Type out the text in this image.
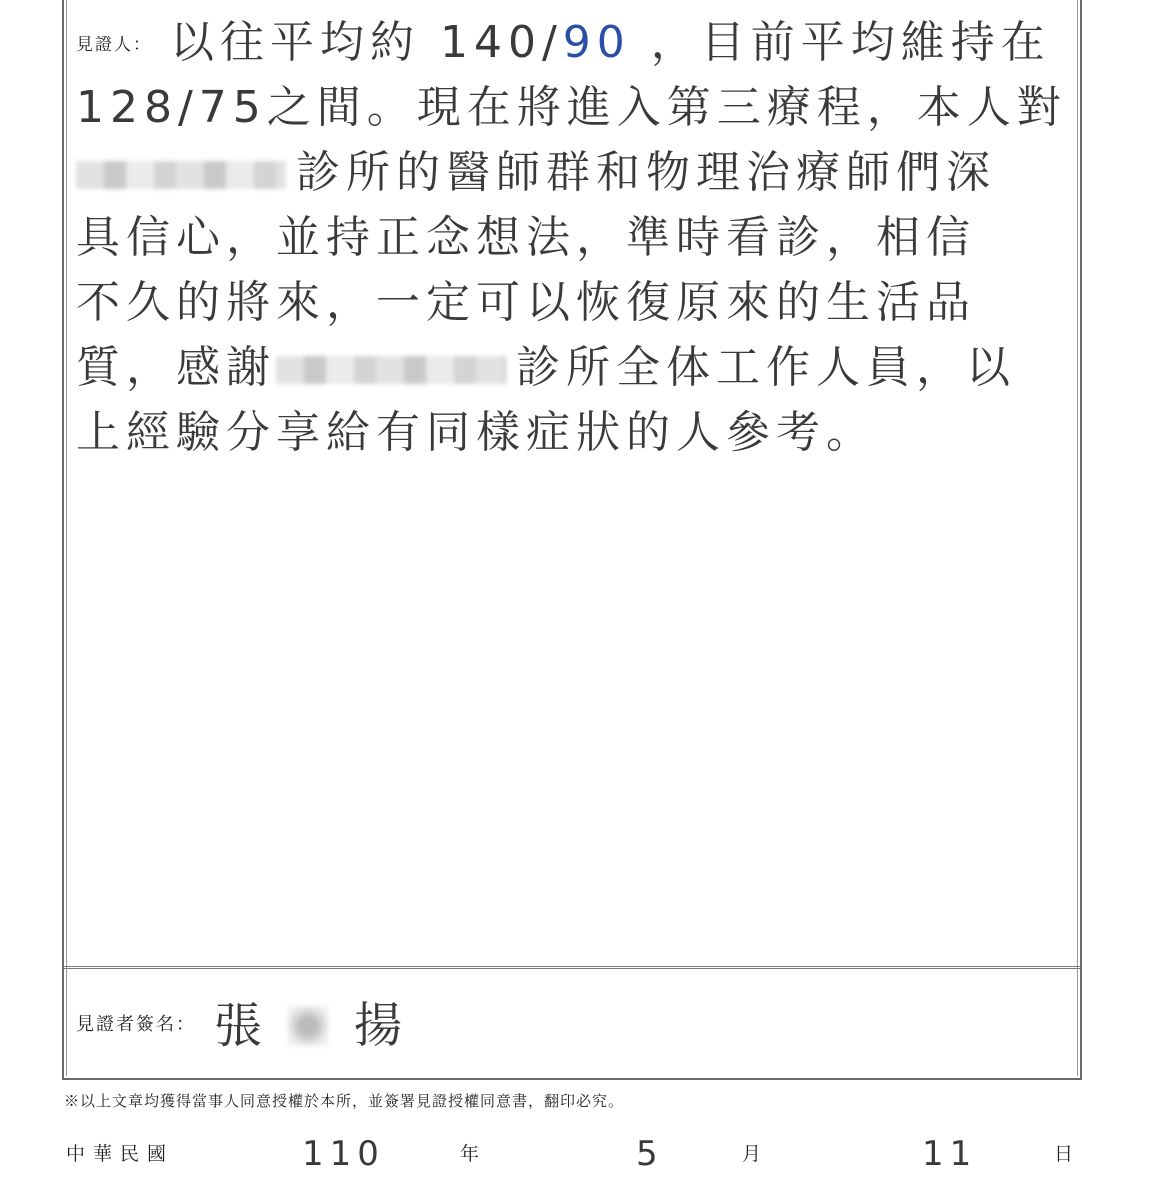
見證人： 以往平均約 140/90 ，目前平均維持在
128/75之間。現在將進入第三療程，本人對
診所的醫師群和物理治療師們深
具信心，並持正念想法，準時看診，相信
不久的將來，一定可以恢復原來的生活品
質，感謝	診所全体工作人員，以
上經驗分享給有同樣症狀的人參考。
見證者簽名： 張 揚
※以上文章均獲得當事人同意授權於本所，並簽署見證授權同意書，翻印必究。
中華民國	110	年	5	月	11	日
